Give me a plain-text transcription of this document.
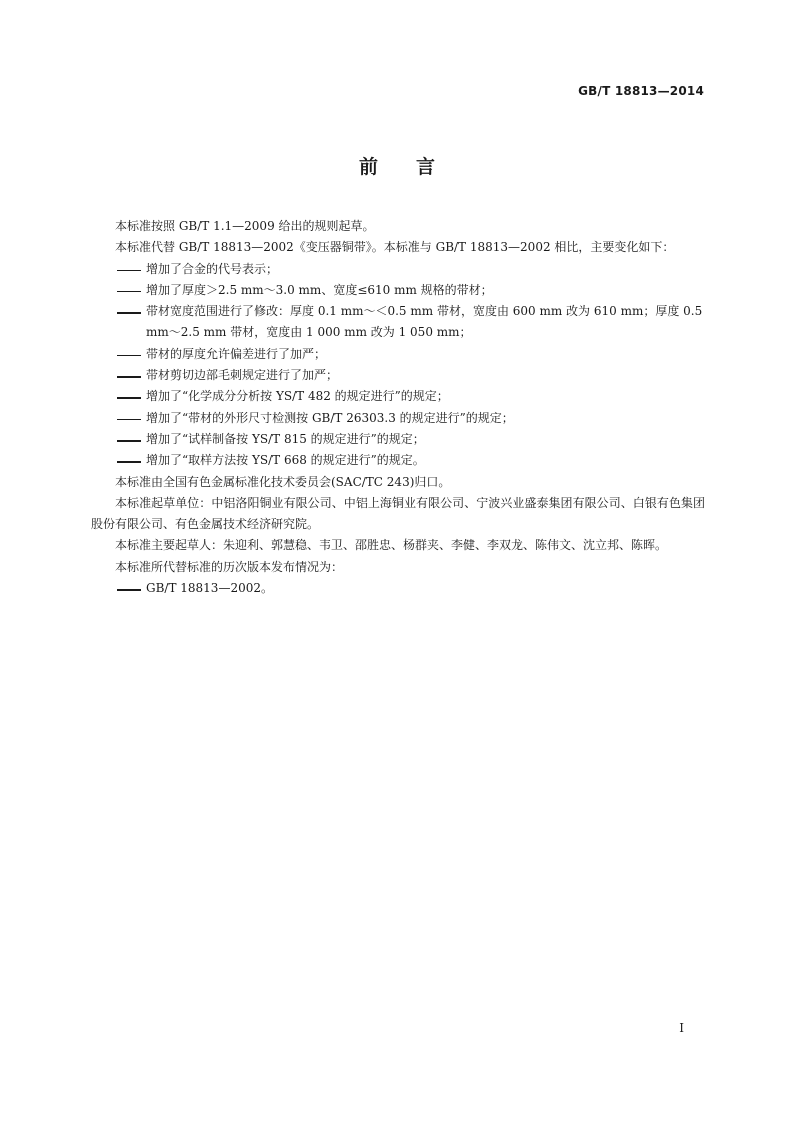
GB/T 18813—2014
前言

本标准按照 GB/T 1.1—2009 给出的规则起草。

本标准代替 GB/T 18813—2002《变压器铜带》。本标准与 GB/T 18813—2002 相比，主要变化如下：

增加了合金的代号表示；
增加了厚度＞2.5 mm～3.0 mm、宽度≤610 mm 规格的带材；
带材宽度范围进行了修改：厚度 0.1 mm～＜0.5 mm 带材，宽度由 600 mm 改为 610 mm；厚度 0.5 mm～2.5 mm 带材，宽度由 1 000 mm 改为 1 050 mm；
带材的厚度允许偏差进行了加严；
带材剪切边部毛刺规定进行了加严；
增加了“化学成分分析按 YS/T 482 的规定进行”的规定；
增加了“带材的外形尺寸检测按 GB/T 26303.3 的规定进行”的规定；
增加了“试样制备按 YS/T 815 的规定进行”的规定；
增加了“取样方法按 YS/T 668 的规定进行”的规定。

本标准由全国有色金属标准化技术委员会(SAC/TC 243)归口。

本标准起草单位：中铝洛阳铜业有限公司、中铝上海铜业有限公司、宁波兴业盛泰集团有限公司、白银有色集团股份有限公司、有色金属技术经济研究院。

本标准主要起草人：朱迎利、郭慧稳、韦卫、邵胜忠、杨群夹、李健、李双龙、陈伟文、沈立邦、陈晖。

本标准所代替标准的历次版本发布情况为：

GB/T 18813—2002。
I
